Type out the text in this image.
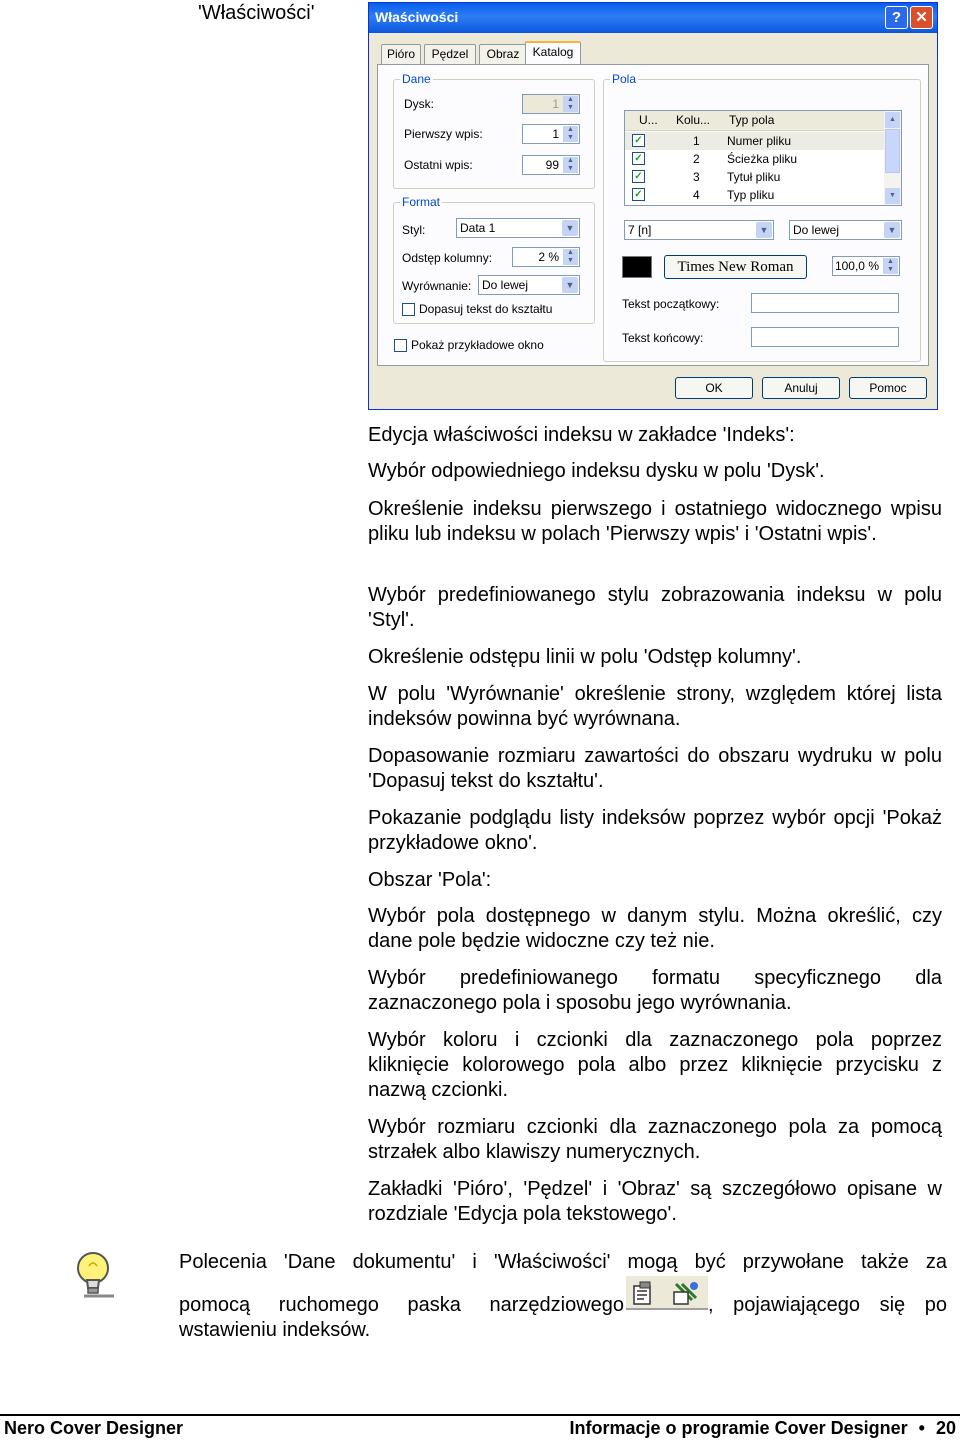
'Właściwości'	Właściwości	? ✕
Pióro	Pędzel	Obraz	Katalog
Dane
Dysk:	1	▲
▼
Pierwszy wpis:	1	▲
▼
Ostatni wpis:	99	▲
▼
Format
Styl:	Data 1	▼
Odstęp kolumny:	2 %	▲
▼
Wyrównanie: Do lewej	▼
Dopasuj tekst do kształtu
Pokaż przykładowe okno
Pola
U... Kolu... Typ pola
✓	1 Numer pliku
✓	2 Ścieżka pliku
✓	3 Tytuł pliku
✓	4 Typ pliku
▲
▼
7 [n]	▼	Do lewej	▼
Times New Roman	100,0 %	▲
▼
Tekst początkowy:
Tekst końcowy:
OK	Anuluj	Pomoc

Edycja właściwości indeksu w zakładce 'Indeks':

Wybór odpowiedniego indeksu dysku w polu 'Dysk'.

Określenie indeksu pierwszego i ostatniego widocznego wpisu pliku lub indeksu w polach 'Pierwszy wpis' i 'Ostatni wpis'.

Wybór predefiniowanego stylu zobrazowania indeksu w polu 'Styl'.

Określenie odstępu linii w polu 'Odstęp kolumny'.

W polu 'Wyrównanie' określenie strony, względem której lista indeksów powinna być wyrównana.

Dopasowanie rozmiaru zawartości do obszaru wydruku w polu 'Dopasuj tekst do kształtu'.

Pokazanie podglądu listy indeksów poprzez wybór opcji 'Pokaż przykładowe okno'.

Obszar 'Pola':

Wybór pola dostępnego w danym stylu. Można określić, czy dane pole będzie widoczne czy też nie.

Wybór predefiniowanego formatu specyficznego dla zaznaczonego pola i sposobu jego wyrównania.

Wybór koloru i czcionki dla zaznaczonego pola poprzez kliknięcie kolorowego pola albo przez kliknięcie przycisku z nazwą czcionki.

Wybór rozmiaru czcionki dla zaznaczonego pola za pomocą strzałek albo klawiszy numerycznych.

Zakładki 'Pióro', 'Pędzel' i 'Obraz' są szczegółowo opisane w rozdziale 'Edycja pola tekstowego'.

Polecenia 'Dane dokumentu' i 'Właściwości' mogą być przywołane także za
pomocą ruchomego paska narzędziowego	, pojawiającego się po
wstawieniu indeksów.
Nero Cover Designer	Informacje o programie Cover Designer • 20
